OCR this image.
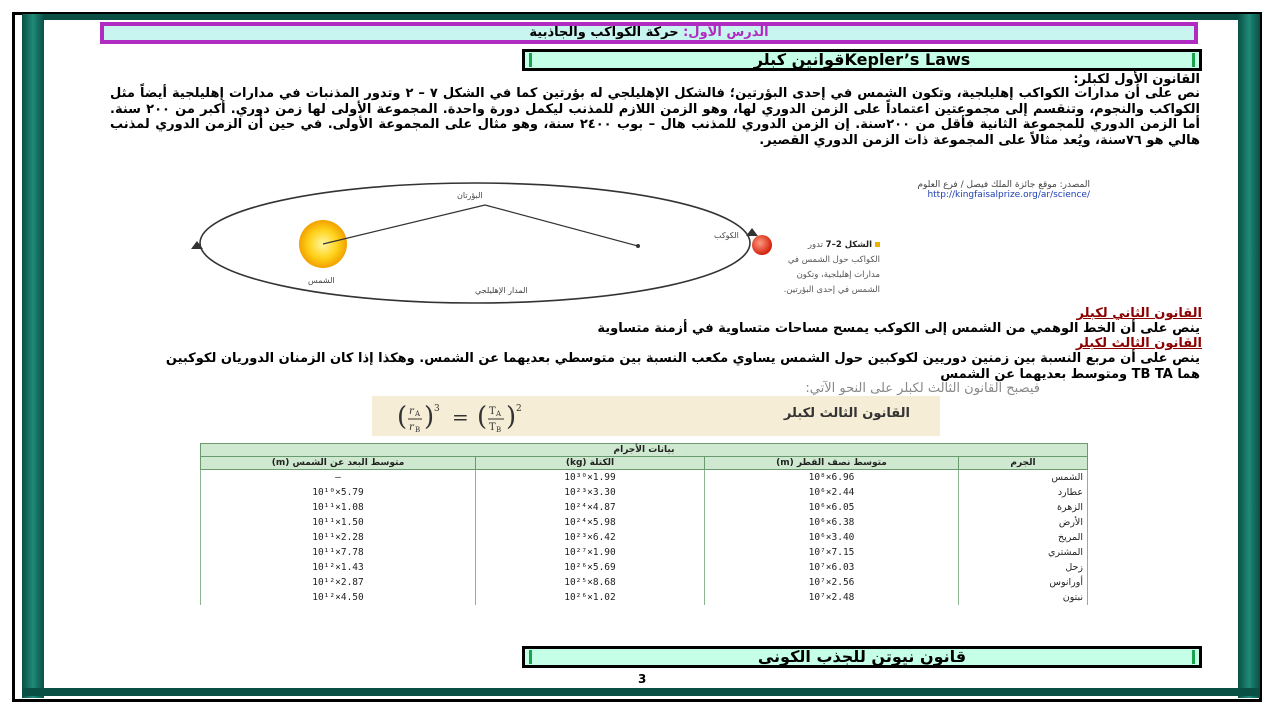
الدرس الأول: حركة الكواكب والجاذبية
Kepler’s Lawsقوانين كبلر
القانون الأول لكبلر:
نص على أن مدارات الكواكب إهليلجية، وتكون الشمس في إحدى البؤرتين؛ فالشكل الإهليلجي له بؤرتين كما في الشكل ٧ – ٢ وتدور المذنبات في مدارات إهليلجية أيضاً مثل الكواكب والنجوم، وتنقسم إلى مجموعتين اعتماداً على الزمن الدوري لها، وهو الزمن اللازم للمذنب ليكمل دورة واحدة. المجموعة الأولى لها زمن دوري. أكبر من ٢٠٠ سنة. أما الزمن الدوري للمجموعة الثانية فأقل من ٢٠٠سنة. إن الزمن الدوري للمذنب هال – بوب ٢٤٠٠ سنة، وهو مثال على المجموعة الأولى. في حين أن الزمن الدوري لمذنب هالي هو ٧٦سنة، ويُعد مثالاً على المجموعة ذات الزمن الدوري القصير.
البؤرتان
الشمس
الكوكب
المدار الإهليلجي
المصدر: موقع جائزة الملك فيصل / فرع العلوم
http://kingfaisalprize.org/ar/science/
الشكل 2–7 تدور الكواكب حول الشمس في مدارات إهليلجية، وتكون الشمس في إحدى البؤرتين.
القانون الثاني لكبلر
ينص على أن الخط الوهمي من الشمس إلى الكوكب يمسح مساحات متساوية في أزمنة متساوية
القانون الثالث لكبلر
ينص على أن مربع النسبة بين زمنين دوريين لكوكبين حول الشمس يساوي مكعب النسبة بين متوسطي بعديهما عن الشمس. وهكذا إذا كان الزمنان الدوريان لكوكبين هما TB TA ومتوسط بعديهما عن الشمس
فيصبح القانون الثالث لكبلر على النحو الآتي:
القانون الثالث لكبلر
( r A
r B ) 3 = ( T A
T B ) 2
بيانات الأجرام			
الجرم	متوسط نصف القطر (m)	الكتلة (kg)	متوسط البعد عن الشمس (m)
الشمس	6.96×10⁸	1.99×10³⁰	—
عطارد	2.44×10⁶	3.30×10²³	5.79×10¹⁰
الزهرة	6.05×10⁶	4.87×10²⁴	1.08×10¹¹
الأرض	6.38×10⁶	5.98×10²⁴	1.50×10¹¹
المريخ	3.40×10⁶	6.42×10²³	2.28×10¹¹
المشتري	7.15×10⁷	1.90×10²⁷	7.78×10¹¹
زحل	6.03×10⁷	5.69×10²⁶	1.43×10¹²
أورانوس	2.56×10⁷	8.68×10²⁵	2.87×10¹²
نبتون	2.48×10⁷	1.02×10²⁶	4.50×10¹²
قانون نيوتن للجذب الكوني
3
